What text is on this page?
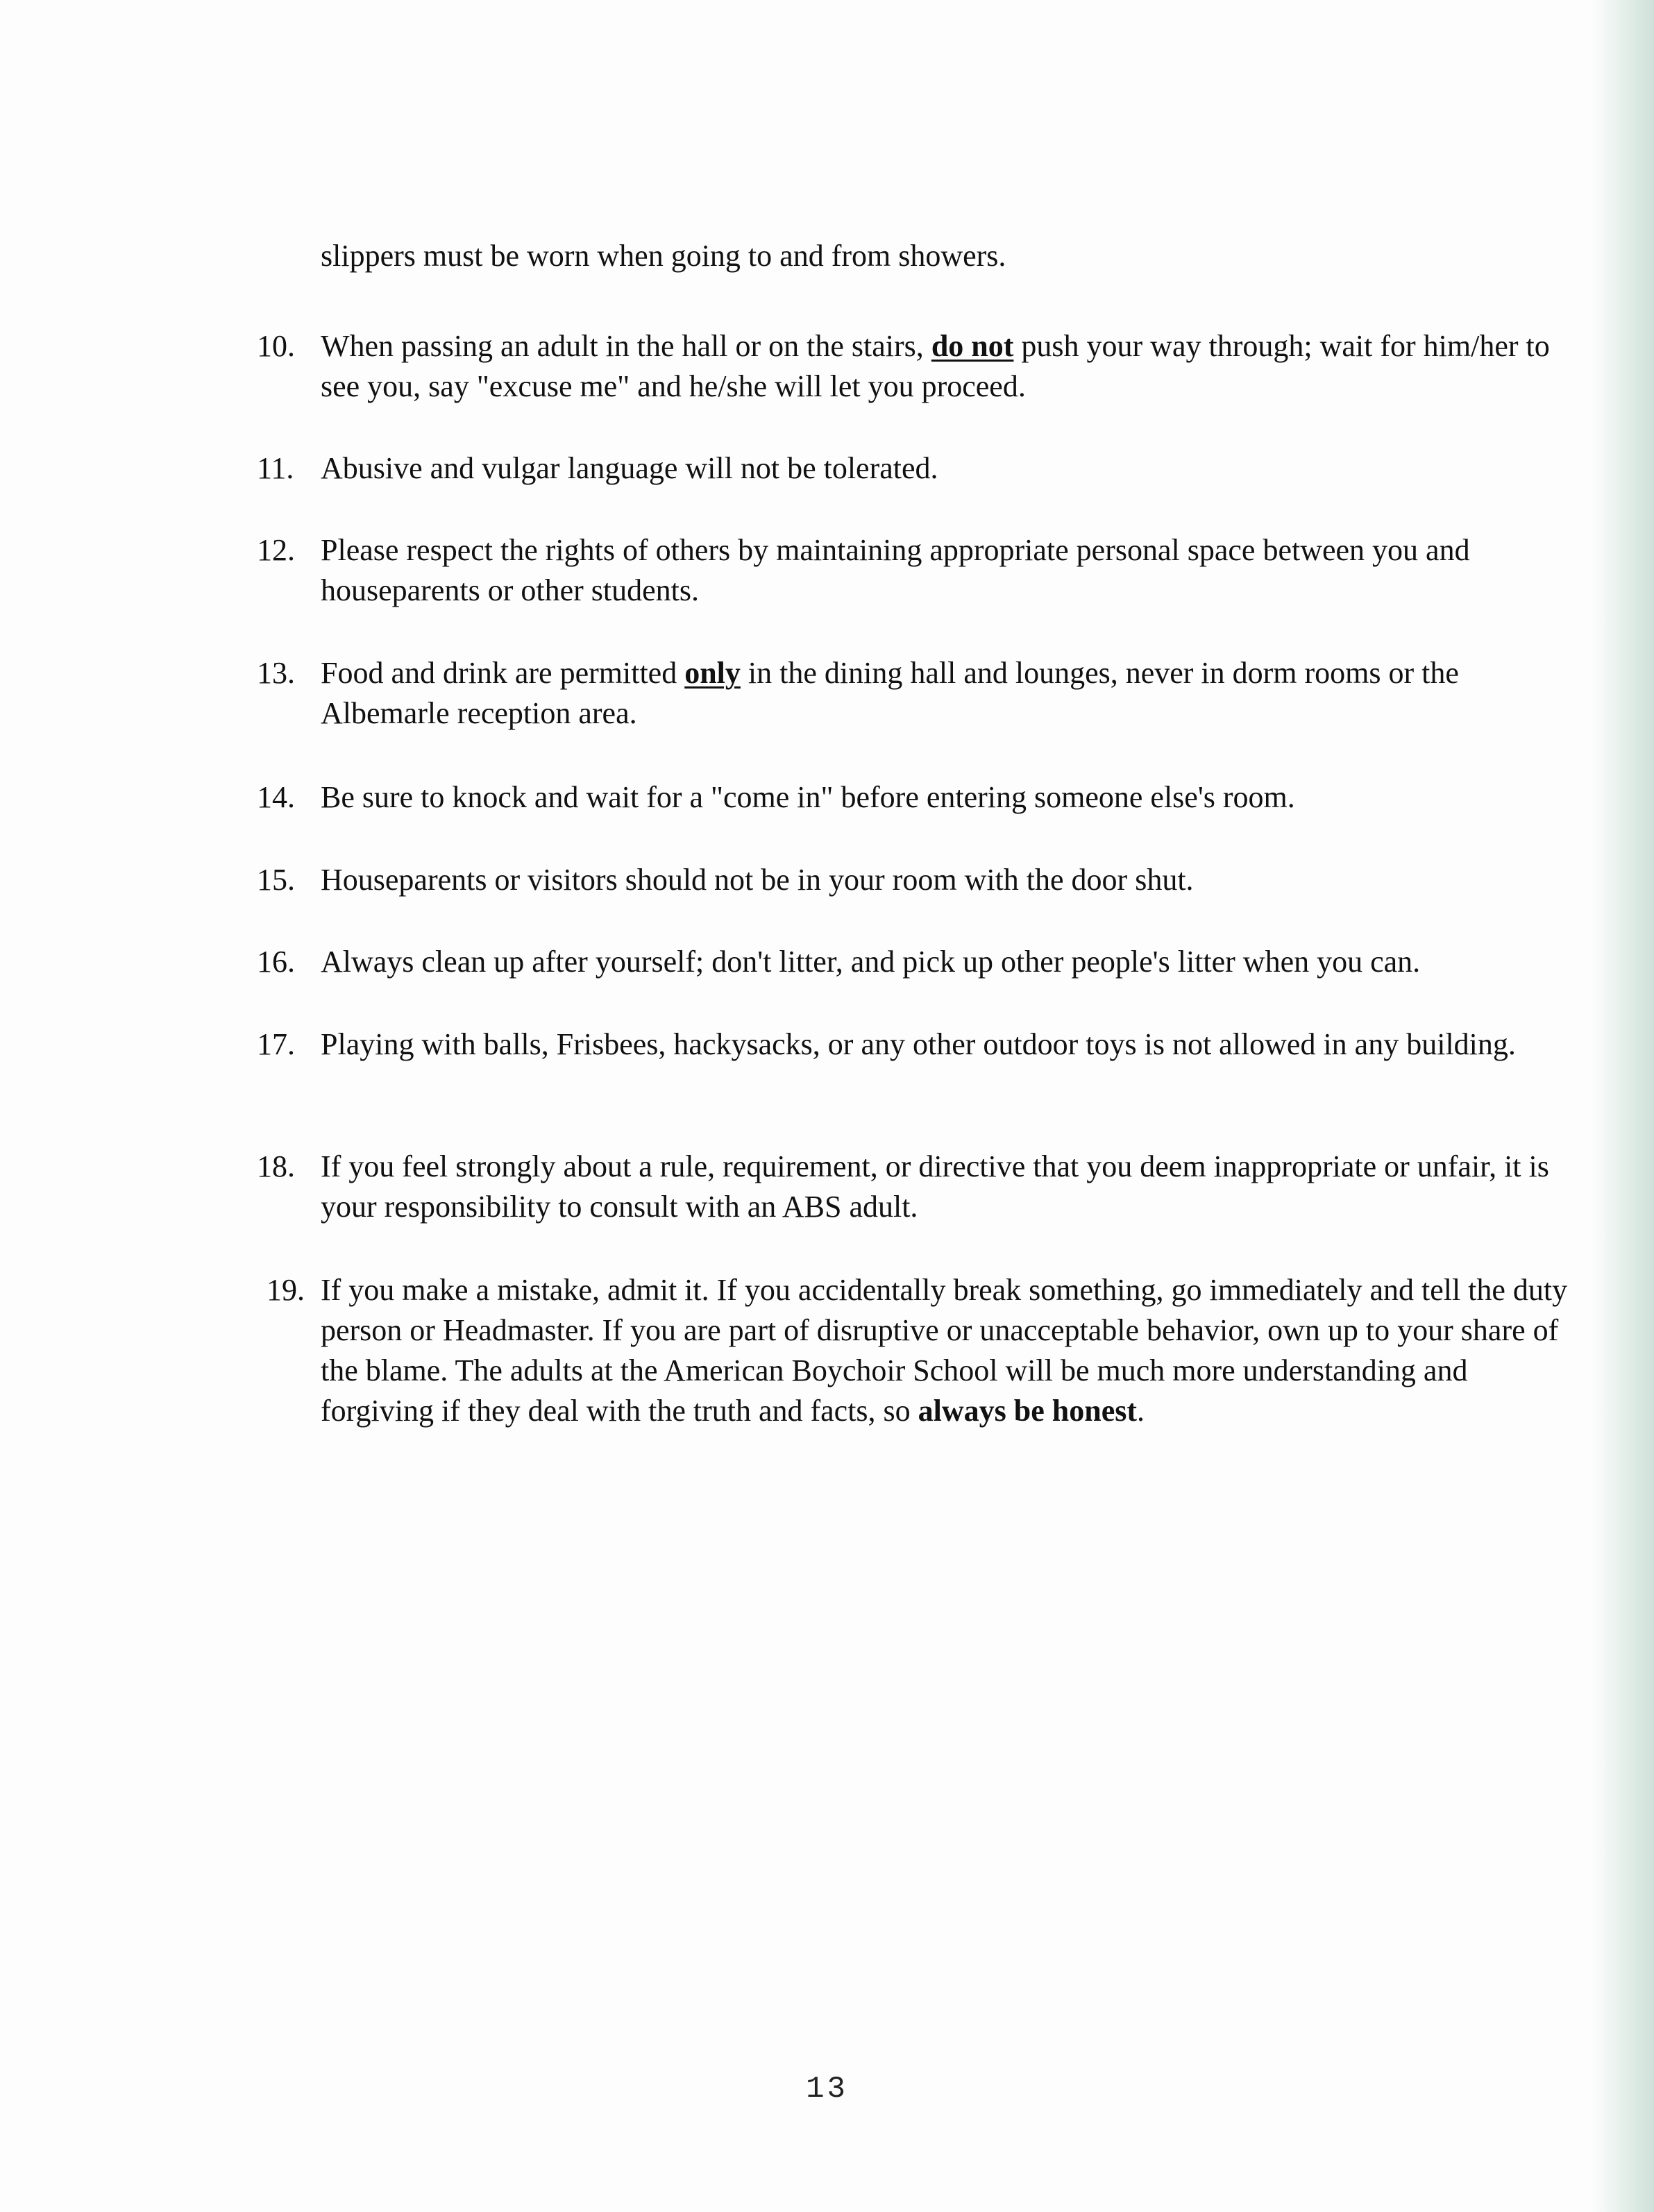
slippers must be worn when going to and from showers.

10. When passing an adult in the hall or on the stairs, do not push your way through; wait for him/her to see you, say "excuse me" and he/she will let you proceed.
11. Abusive and vulgar language will not be tolerated.
12. Please respect the rights of others by maintaining appropriate personal space between you and houseparents or other students.
13. Food and drink are permitted only in the dining hall and lounges, never in dorm rooms or the Albemarle reception area.
14. Be sure to knock and wait for a "come in" before entering someone else's room.
15. Houseparents or visitors should not be in your room with the door shut.
16. Always clean up after yourself; don't litter, and pick up other people's litter when you can.
17. Playing with balls, Frisbees, hackysacks, or any other outdoor toys is not allowed in any building.
18. If you feel strongly about a rule, requirement, or directive that you deem inappropriate or unfair, it is your responsibility to consult with an ABS adult.
19. If you make a mistake, admit it. If you accidentally break something, go immediately and tell the duty person or Headmaster. If you are part of disruptive or unacceptable behavior, own up to your share of the blame. The adults at the American Boychoir School will be much more understanding and forgiving if they deal with the truth and facts, so always be honest.
13
